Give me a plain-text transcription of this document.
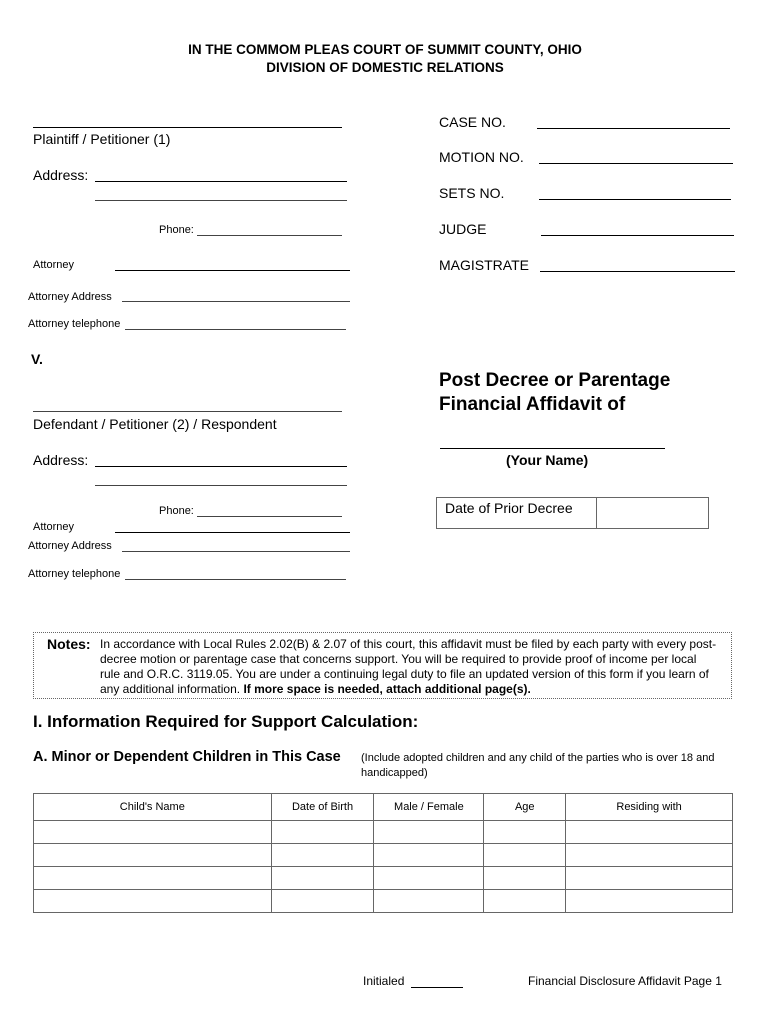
IN THE COMMOM PLEAS COURT OF SUMMIT COUNTY, OHIO
DIVISION OF DOMESTIC RELATIONS
Plaintiff / Petitioner (1)
Address:
Phone:
Attorney
Attorney Address
Attorney telephone
CASE NO.
MOTION NO.
SETS NO.
JUDGE
MAGISTRATE
V.
Post Decree or Parentage
Financial Affidavit of
(Your Name)
Defendant / Petitioner (2) / Respondent
Address:
Phone:
Attorney
Attorney Address
Attorney telephone
Date of Prior Decree
Notes: In accordance with Local Rules 2.02(B) & 2.07 of this court, this affidavit must be filed by each party with every post-
decree motion or parentage case that concerns support. You will be required to provide proof of income per local
rule and O.R.C. 3119.05. You are under a continuing legal duty to file an updated version of this form if you learn of
any additional information. If more space is needed, attach additional page(s).
I. Information Required for Support Calculation:
A. Minor or Dependent Children in This Case (Include adopted children and any child of the parties who is over 18 and
handicapped)
Child's Name	Date of Birth	Male / Female	Age	Residing with

Initialed	Financial Disclosure Affidavit Page 1
